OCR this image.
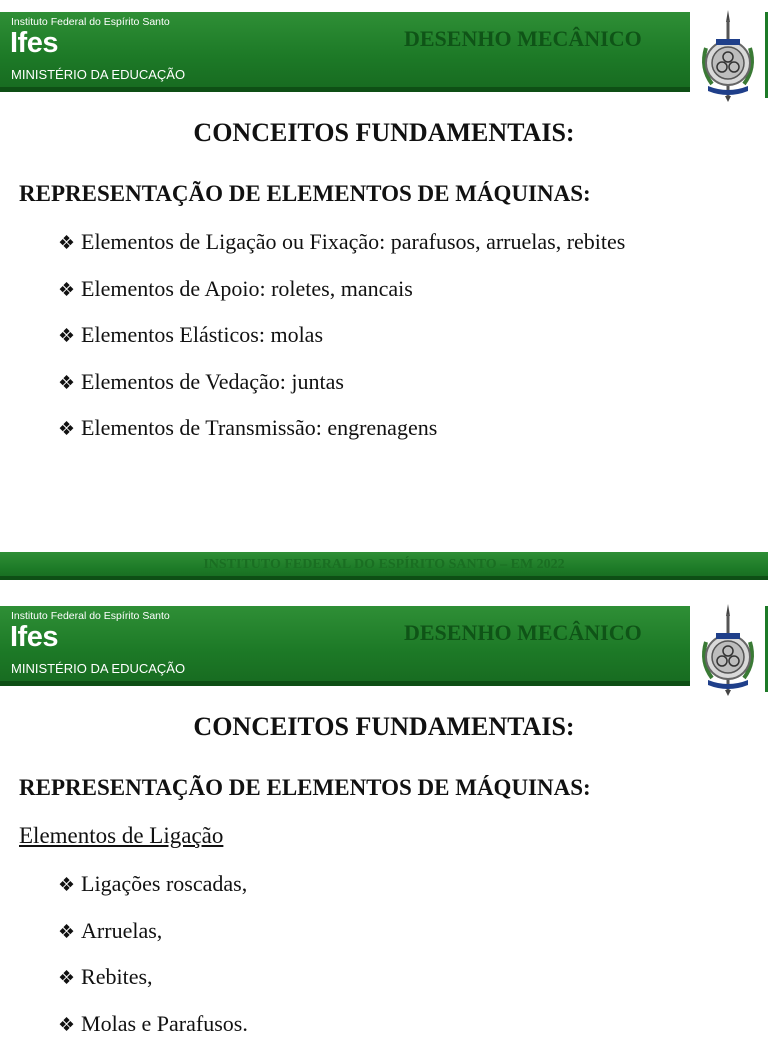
Instituto Federal do Espírito Santo
Ifes
MINISTÉRIO DA EDUCAÇÃO
DESENHO MECÂNICO
CONCEITOS FUNDAMENTAIS:
REPRESENTAÇÃO DE ELEMENTOS DE MÁQUINAS:
❖ Elementos de Ligação ou Fixação: parafusos, arruelas, rebites
❖ Elementos de Apoio: roletes, mancais
❖ Elementos Elásticos: molas
❖ Elementos de Vedação: juntas
❖ Elementos de Transmissão: engrenagens
INSTITUTO FEDERAL DO ESPÍRITO SANTO – EM 2022
Instituto Federal do Espírito Santo
Ifes
MINISTÉRIO DA EDUCAÇÃO
DESENHO MECÂNICO
CONCEITOS FUNDAMENTAIS:
REPRESENTAÇÃO DE ELEMENTOS DE MÁQUINAS:
Elementos de Ligação
❖ Ligações roscadas,
❖ Arruelas,
❖ Rebites,
❖ Molas e Parafusos.
